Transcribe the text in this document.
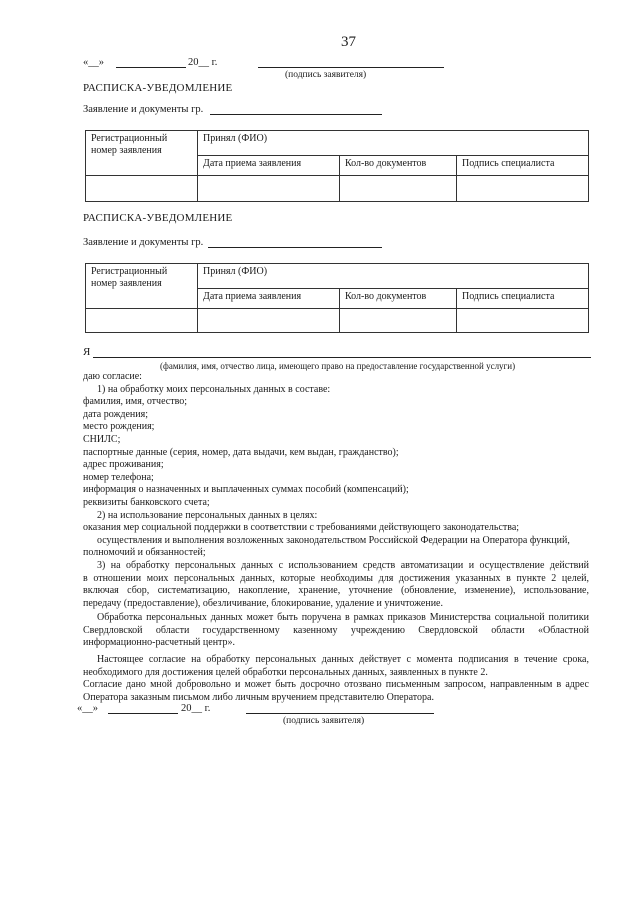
37
«__»	20__ г.
(подпись заявителя)
РАСПИСКА-УВЕДОМЛЕНИЕ
Заявление и документы гр.
Регистрационный номер заявления	Принял (ФИО)		
	Дата приема заявления	Кол-во документов	Подпись специалиста

РАСПИСКА-УВЕДОМЛЕНИЕ
Заявление и документы гр.
Регистрационный номер заявления	Принял (ФИО)		
	Дата приема заявления	Кол-во документов	Подпись специалиста

Я
(фамилия, имя, отчество лица, имеющего право на предоставление государственной услуги)

даю согласие:

1) на обработку моих персональных данных в составе:

фамилия, имя, отчество;

дата рождения;

место рождения;

СНИЛС;

паспортные данные (серия, номер, дата выдачи, кем выдан, гражданство);

адрес проживания;

номер телефона;

информация о назначенных и выплаченных суммах пособий (компенсаций);

реквизиты банковского счета;

2) на использование персональных данных в целях:

оказания мер социальной поддержки в соответствии с требованиями действующего законодательства;

осуществления и выполнения возложенных законодательством Российской Федерации на Оператора функций,

полномочий и обязанностей;

3) на обработку персональных данных с использованием средств автоматизации и осуществление действий

в отношении моих персональных данных, которые необходимы для достижения указанных в пункте 2 целей,

включая сбор, систематизацию, накопление, хранение, уточнение (обновление, изменение), использование,

передачу (предоставление), обезличивание, блокирование, удаление и уничтожение.

Обработка персональных данных может быть поручена в рамках приказов Министерства социальной политики

Свердловской области государственному казенному учреждению Свердловской области «Областной

информационно-расчетный центр».

Настоящее согласие на обработку персональных данных действует с момента подписания в течение срока,

необходимого для достижения целей обработки персональных данных, заявленных в пункте 2.

Согласие дано мной добровольно и может быть досрочно отозвано письменным запросом, направленным в адрес

Оператора заказным письмом либо личным вручением представителю Оператора.

«__»	20__ г.
(подпись заявителя)
